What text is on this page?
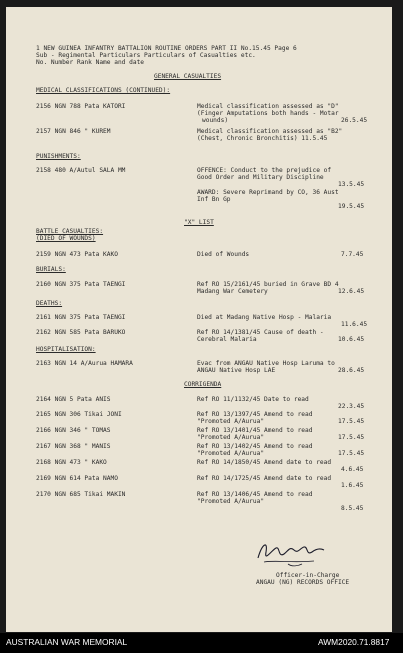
1 NEW GUINEA INFANTRY BATTALION ROUTINE ORDERS PART II No.15.45 Page 6
Sub - Regimental Particulars Particulars of Casualties etc.
No. Number Rank Name and date
GENERAL CASUALTIES
MEDICAL CLASSIFICATIONS (CONTINUED):
2156 NGN 788 Pata KATORI	Medical classification assessed as "D"
(Finger Amputations both hands - Motar
wounds)	26.5.45
2157 NGN 846 " KUREM	Medical classification assessed as "B2"
(Chest, Chronic Bronchitis) 11.5.45
PUNISHMENTS:
2158 480 A/Autul SALA MM	OFFENCE: Conduct to the prejudice of
Good Order and Military Discipline
13.5.45
AWARD: Severe Reprimand by CO, 36 Aust
Inf Bn Gp
19.5.45
"X" LIST
BATTLE CASUALTIES:
(DIED OF WOUNDS)
2159 NGN 473 Pata KAKO	Died of Wounds	7.7.45
BURIALS:
2160 NGN 375 Pata TAENGI	Ref RO 15/2161/45 buried in Grave BD 4
Madang War Cemetery	12.6.45
DEATHS:
2161 NGN 375 Pata TAENGI	Died at Madang Native Hosp - Malaria
11.6.45
2162 NGN 585 Pata BARUKO	Ref RO 14/1381/45 Cause of death -
Cerebral Malaria	10.6.45
HOSPITALISATION:
2163 NGN 14 A/Aurua HAMARA	Evac from ANGAU Native Hosp Laruma to
ANGAU Native Hosp LAE	28.6.45
CORRIGENDA
2164 NGN 5 Pata ANIS	Ref RO 11/1132/45 Date to read
22.3.45
2165 NGN 306 Tikai JONI	Ref RO 13/1397/45 Amend to read
"Promoted A/Aurua"	17.5.45
2166 NGN 346 " TOMAS	Ref RO 13/1401/45 Amend to read
"Promoted A/Aurua"	17.5.45
2167 NGN 368 " MANIS	Ref RO 13/1402/45 Amend to read
"Promoted A/Aurua"	17.5.45
2168 NGN 473 " KAKO	Ref RO 14/1850/45 Amend date to read
4.6.45
2169 NGN 614 Pata NAMO	Ref RO 14/1725/45 Amend date to read
1.6.45
2170 NGN 685 Tikai MAKIN	Ref RO 13/1406/45 Amend to read
"Promoted A/Aurua"
8.5.45
Officer-in-Charge
ANGAU (NG) RECORDS OFFICE
AUSTRALIAN WAR MEMORIAL	AWM2020.71.8817
